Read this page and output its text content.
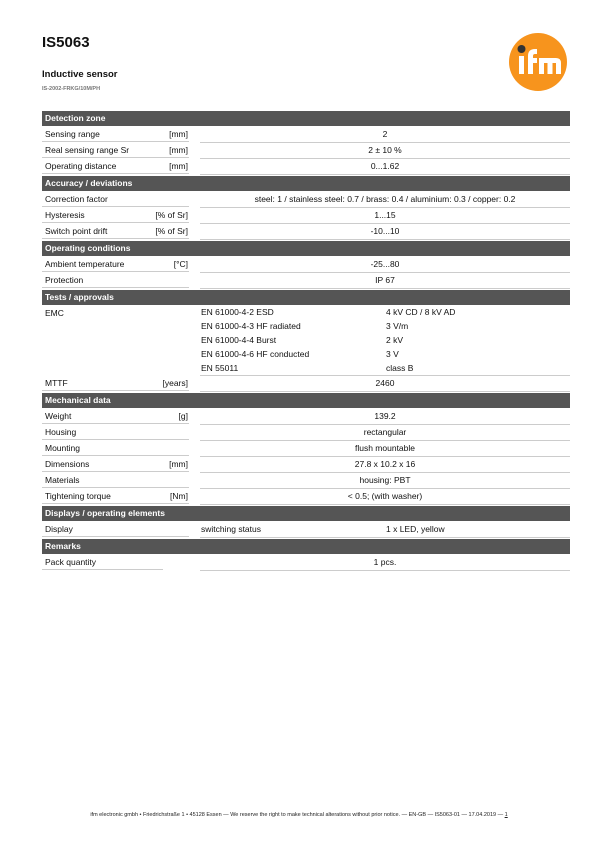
IS5063
Inductive sensor
IS-2002-FRKG/10M/PH
Detection zone
Sensing range	[mm]	2
Real sensing range Sr	[mm]	2 ± 10 %
Operating distance	[mm]	0...1.62
Accuracy / deviations
Correction factor	steel: 1 / stainless steel: 0.7 / brass: 0.4 / aluminium: 0.3 / copper: 0.2
Hysteresis	[% of Sr]	1...15
Switch point drift	[% of Sr]	-10...10
Operating conditions
Ambient temperature	[°C]	-25...80
Protection	IP 67
Tests / approvals
EMC	EN 61000-4-2 ESD	4 kV CD / 8 kV AD
EN 61000-4-3 HF radiated	3 V/m
EN 61000-4-4 Burst	2 kV
EN 61000-4-6 HF conducted	3 V
EN 55011	class B
MTTF	[years]	2460
Mechanical data
Weight	[g]	139.2
Housing	rectangular
Mounting	flush mountable
Dimensions	[mm]	27.8 x 10.2 x 16
Materials	housing: PBT
Tightening torque	[Nm]	< 0.5; (with washer)
Displays / operating elements
Display	switching status	1 x LED, yellow
Remarks
Pack quantity	1 pcs.
ifm electronic gmbh • Friedrichstraße 1 • 45128 Essen — We reserve the right to make technical alterations without prior notice. — EN-GB — IS5063-01 — 17.04.2019 — 1
